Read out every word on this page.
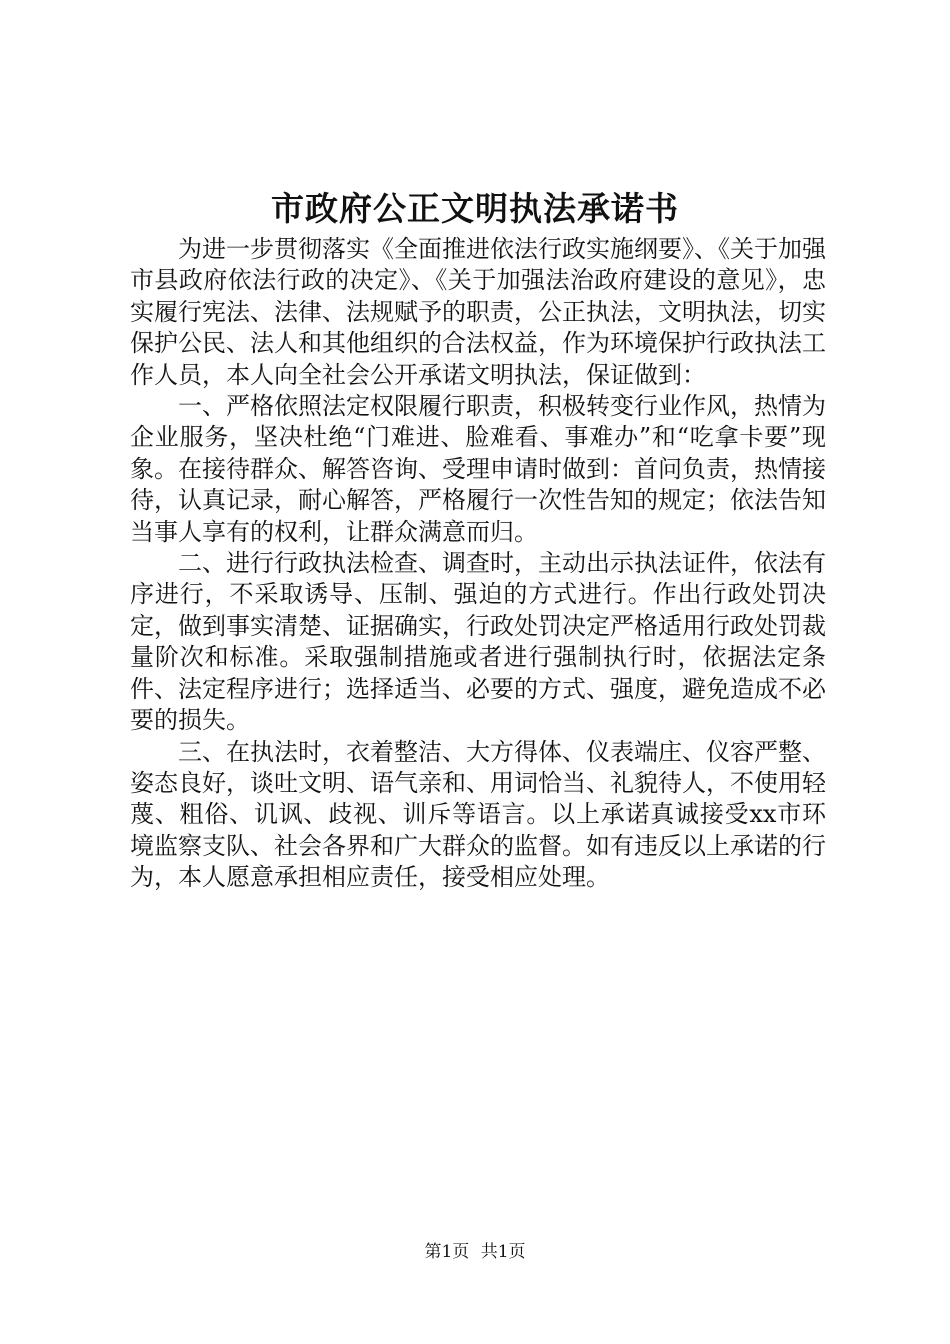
市政府公正文明执法承诺书

为进一步贯彻落实《全面推进依法行政实施纲要》、《关于加强市县政府依法行政的决定》、《关于加强法治政府建设的意见》，忠实履行宪法、法律、法规赋予的职责，公正执法，文明执法，切实保护公民、法人和其他组织的合法权益，作为环境保护行政执法工作人员，本人向全社会公开承诺文明执法，保证做到：

一、严格依照法定权限履行职责，积极转变行业作风，热情为企业服务，坚决杜绝“门难进、脸难看、事难办”和“吃拿卡要”现象。在接待群众、解答咨询、受理申请时做到：首问负责，热情接待，认真记录，耐心解答，严格履行一次性告知的规定；依法告知当事人享有的权利，让群众满意而归。

二、进行行政执法检查、调查时，主动出示执法证件，依法有序进行，不采取诱导、压制、强迫的方式进行。作出行政处罚决定，做到事实清楚、证据确实，行政处罚决定严格适用行政处罚裁量阶次和标准。采取强制措施或者进行强制执行时，依据法定条件、法定程序进行；选择适当、必要的方式、强度，避免造成不必要的损失。

三、在执法时，衣着整洁、大方得体、仪表端庄、仪容严整、姿态良好，谈吐文明、语气亲和、用词恰当、礼貌待人，不使用轻蔑、粗俗、讥讽、歧视、训斥等语言。以上承诺真诚接受xx市环境监察支队、社会各界和广大群众的监督。如有违反以上承诺的行为，本人愿意承担相应责任，接受相应处理。

第1页 共1页
